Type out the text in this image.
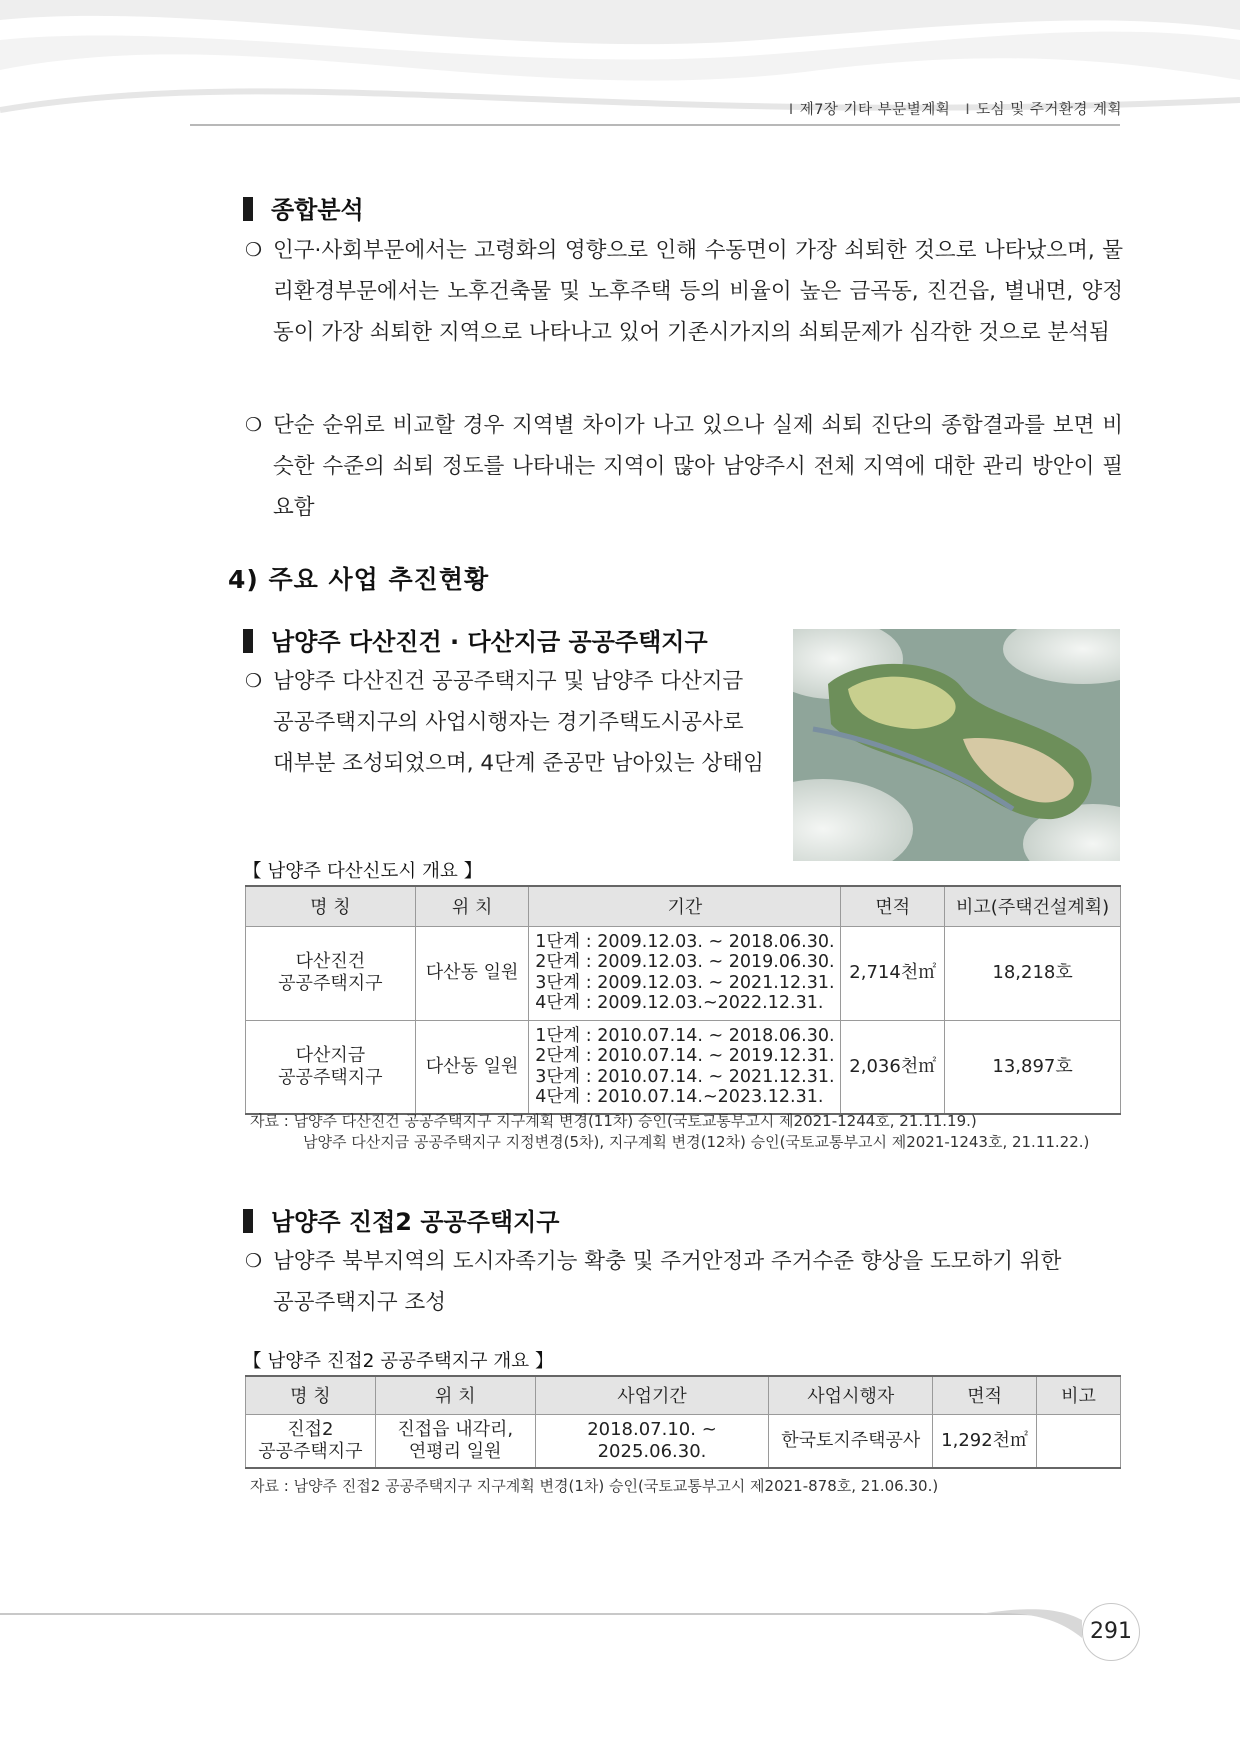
I 제7장 기타 부문별계획 I 도심 및 주거환경 계획
종합분석
❍ 인구·사회부문에서는 고령화의 영향으로 인해 수동면이 가장 쇠퇴한 것으로 나타났으며, 물리환경부문에서는 노후건축물 및 노후주택 등의 비율이 높은 금곡동, 진건읍, 별내면, 양정동이 가장 쇠퇴한 지역으로 나타나고 있어 기존시가지의 쇠퇴문제가 심각한 것으로 분석됨
❍ 단순 순위로 비교할 경우 지역별 차이가 나고 있으나 실제 쇠퇴 진단의 종합결과를 보면 비슷한 수준의 쇠퇴 정도를 나타내는 지역이 많아 남양주시 전체 지역에 대한 관리 방안이 필요함
4) 주요 사업 추진현황
남양주 다산진건 · 다산지금 공공주택지구
❍ 남양주 다산진건 공공주택지구 및 남양주 다산지금
공공주택지구의 사업시행자는 경기주택도시공사로
대부분 조성되었으며, 4단계 준공만 남아있는 상태임
【 남양주 다산신도시 개요 】
명 칭	위 치	기간	면적	비고(주택건설계획)
다산진건
공공주택지구	다산동 일원	1단계 : 2009.12.03. ~ 2018.06.30.
2단계 : 2009.12.03. ~ 2019.06.30.
3단계 : 2009.12.03. ~ 2021.12.31.
4단계 : 2009.12.03.~2022.12.31.	2,714천㎡	18,218호
다산지금
공공주택지구	다산동 일원	1단계 : 2010.07.14. ~ 2018.06.30.
2단계 : 2010.07.14. ~ 2019.12.31.
3단계 : 2010.07.14. ~ 2021.12.31.
4단계 : 2010.07.14.~2023.12.31.	2,036천㎡	13,897호
자료 : 남양주 다산진건 공공주택지구 지구계획 변경(11차) 승인(국토교통부고시 제2021-1244호, 21.11.19.)
남양주 다산지금 공공주택지구 지정변경(5차), 지구계획 변경(12차) 승인(국토교통부고시 제2021-1243호, 21.11.22.)
남양주 진접2 공공주택지구
❍ 남양주 북부지역의 도시자족기능 확충 및 주거안정과 주거수준 향상을 도모하기 위한 공공주택지구 조성
【 남양주 진접2 공공주택지구 개요 】
명 칭	위 치	사업기간	사업시행자	면적	비고
진접2
공공주택지구	진접읍 내각리,
연평리 일원	2018.07.10. ~ 2025.06.30.	한국토지주택공사	1,292천㎡	
자료 : 남양주 진접2 공공주택지구 지구계획 변경(1차) 승인(국토교통부고시 제2021-878호, 21.06.30.)
291
